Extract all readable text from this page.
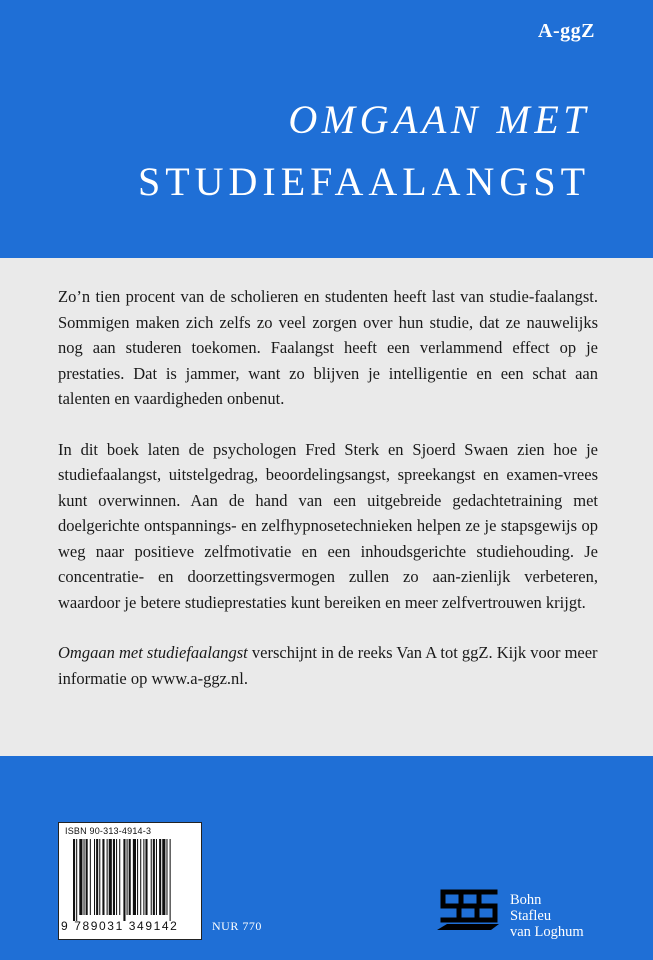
A-ggZ
OMGAAN MET
STUDIEFAALANGST

Zo’n tien procent van de scholieren en studenten heeft last van studie-faalangst. Sommigen maken zich zelfs zo veel zorgen over hun studie, dat ze nauwelijks nog aan studeren toekomen. Faalangst heeft een verlammend effect op je prestaties. Dat is jammer, want zo blijven je intelligentie en een schat aan talenten en vaardigheden onbenut.

In dit boek laten de psychologen Fred Sterk en Sjoerd Swaen zien hoe je studiefaalangst, uitstelgedrag, beoordelingsangst, spreekangst en examen-vrees kunt overwinnen. Aan de hand van een uitgebreide gedachtetraining met doelgerichte ontspannings- en zelfhypnosetechnieken helpen ze je stapsgewijs op weg naar positieve zelfmotivatie en een inhoudsgerichte studiehouding. Je concentratie- en doorzettingsvermogen zullen zo aan-zienlijk verbeteren, waardoor je betere studieprestaties kunt bereiken en meer zelfvertrouwen krijgt.

Omgaan met studiefaalangst verschijnt in de reeks Van A tot ggZ. Kijk voor meer informatie op www.a-ggz.nl.

ISBN 90-313-4914-3
9 789031 349142	NUR 770
Bohn
Stafleu
van Loghum
